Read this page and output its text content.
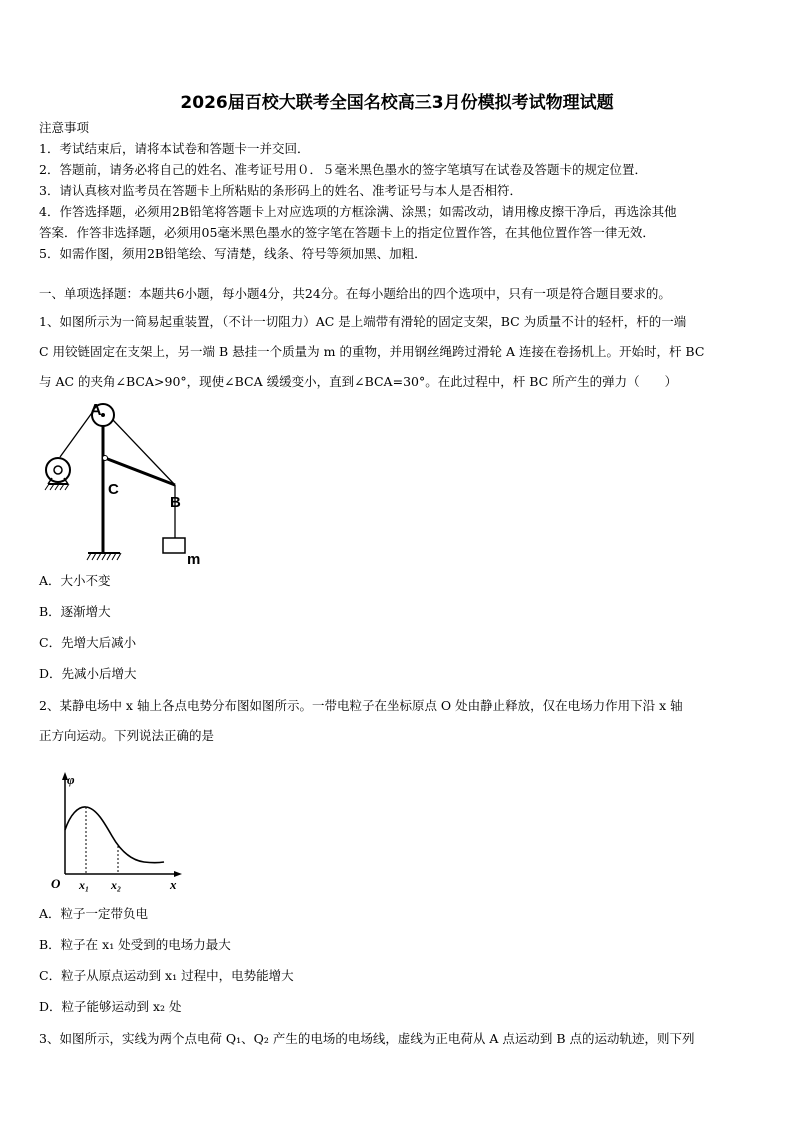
2026届百校大联考全国名校高三3月份模拟考试物理试题
注意事项
1．考试结束后，请将本试卷和答题卡一并交回．
2．答题前，请务必将自己的姓名、准考证号用０．５毫米黑色墨水的签字笔填写在试卷及答题卡的规定位置．
3．请认真核对监考员在答题卡上所粘贴的条形码上的姓名、准考证号与本人是否相符．
4．作答选择题，必须用2B铅笔将答题卡上对应选项的方框涂满、涂黑；如需改动，请用橡皮擦干净后，再选涂其他
答案．作答非选择题，必须用05毫米黑色墨水的签字笔在答题卡上的指定位置作答，在其他位置作答一律无效．
5．如需作图，须用2B铅笔绘、写清楚，线条、符号等须加黑、加粗．
一、单项选择题：本题共6小题，每小题4分，共24分。在每小题给出的四个选项中，只有一项是符合题目要求的。
1、如图所示为一简易起重装置，（不计一切阻力）AC 是上端带有滑轮的固定支架，BC 为质量不计的轻杆，杆的一端
C 用铰链固定在支架上，另一端 B 悬挂一个质量为 m 的重物，并用钢丝绳跨过滑轮 A 连接在卷扬机上。开始时，杆 BC
与 AC 的夹角∠BCA>90°，现使∠BCA 缓缓变小，直到∠BCA=30°。在此过程中，杆 BC 所产生的弹力（　　）
A
C
B
m
A．大小不变
B．逐渐增大
C．先增大后减小
D．先减小后增大
2、某静电场中 x 轴上各点电势分布图如图所示。一带电粒子在坐标原点 O 处由静止释放，仅在电场力作用下沿 x 轴
正方向运动。下列说法正确的是
φ
O x₁ x₂	x
A．粒子一定带负电
B．粒子在 x₁ 处受到的电场力最大
C．粒子从原点运动到 x₁ 过程中，电势能增大
D．粒子能够运动到 x₂ 处
3、如图所示，实线为两个点电荷 Q₁、Q₂ 产生的电场的电场线，虚线为正电荷从 A 点运动到 B 点的运动轨迹，则下列
